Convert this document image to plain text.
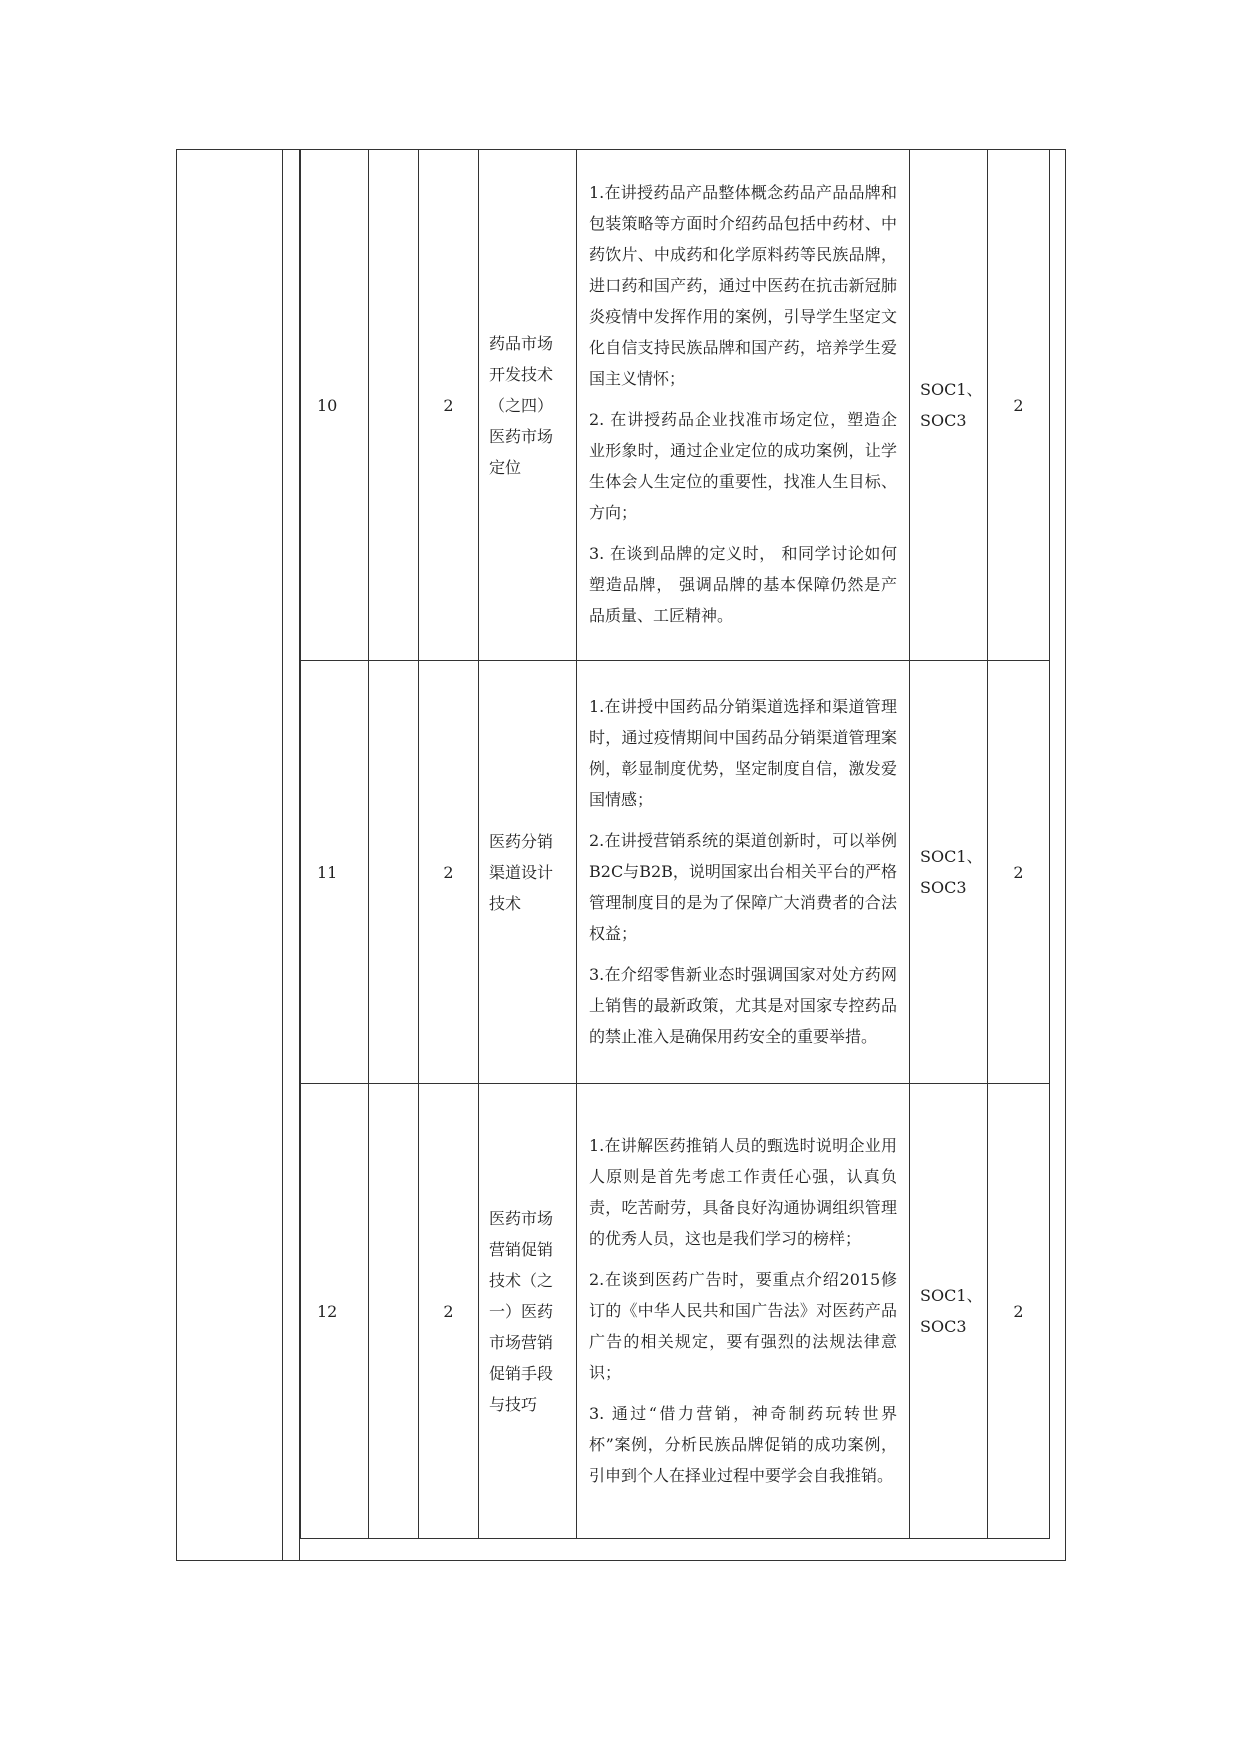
10		2	药品市场开发技术（之四）医药市场定位	1.在讲授药品产品整体概念药品产品品牌和包装策略等方面时介绍药品包括中药材、中药饮片、中成药和化学原料药等民族品牌，进口药和国产药，通过中医药在抗击新冠肺炎疫情中发挥作用的案例，引导学生坚定文化自信支持民族品牌和国产药，培养学生爱国主义情怀；

2. 在讲授药品企业找准市场定位，塑造企业形象时，通过企业定位的成功案例，让学生体会人生定位的重要性，找准人生目标、方向；

3. 在谈到品牌的定义时， 和同学讨论如何塑造品牌， 强调品牌的基本保障仍然是产品质量、工匠精神。	SOC1、SOC3	2
11		2	医药分销渠道设计技术	1.在讲授中国药品分销渠道选择和渠道管理时，通过疫情期间中国药品分销渠道管理案例，彰显制度优势，坚定制度自信，激发爱国情感；

2.在讲授营销系统的渠道创新时，可以举例B2C与B2B，说明国家出台相关平台的严格管理制度目的是为了保障广大消费者的合法权益；

3.在介绍零售新业态时强调国家对处方药网上销售的最新政策，尤其是对国家专控药品的禁止准入是确保用药安全的重要举措。	SOC1、SOC3	2
12		2	医药市场营销促销技术（之一）医药市场营销促销手段与技巧	1.在讲解医药推销人员的甄选时说明企业用人原则是首先考虑工作责任心强，认真负责，吃苦耐劳，具备良好沟通协调组织管理的优秀人员，这也是我们学习的榜样；

2.在谈到医药广告时，要重点介绍2015修订的《中华人民共和国广告法》对医药产品广告的相关规定，要有强烈的法规法律意识；

3. 通过“借力营销，神奇制药玩转世界杯”案例，分析民族品牌促销的成功案例，引申到个人在择业过程中要学会自我推销。	SOC1、SOC3	2
